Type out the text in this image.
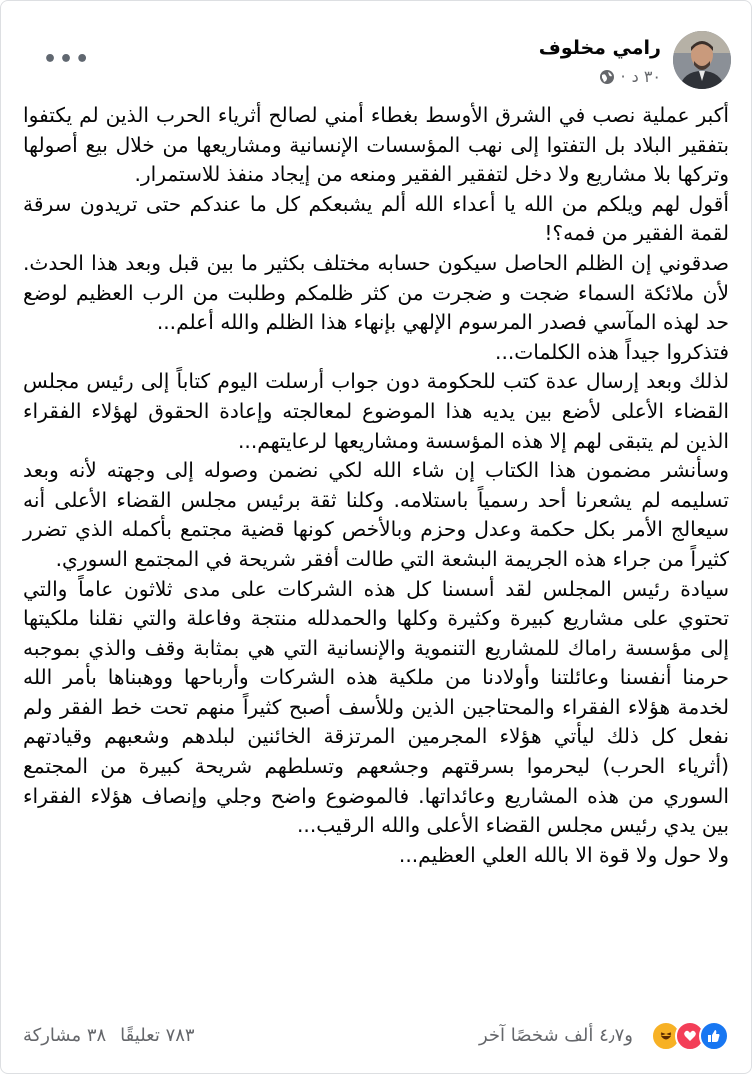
رامي مخلوف
٣٠ د
·
•••

أكبر عملية نصب في الشرق الأوسط بغطاء أمني لصالح أثرياء الحرب الذين لم يكتفوا بتفقير البلاد بل التفتوا إلى نهب المؤسسات الإنسانية ومشاريعها من خلال بيع أصولها وتركها بلا مشاريع ولا دخل لتفقير الفقير ومنعه من إيجاد منفذ للاستمرار.

أقول لهم ويلكم من الله يا أعداء الله ألم يشبعكم كل ما عندكم حتى تريدون سرقة لقمة الفقير من فمه؟!

صدقوني إن الظلم الحاصل سيكون حسابه مختلف بكثير ما بين قبل وبعد هذا الحدث. لأن ملائكة السماء ضجت و ضجرت من كثر ظلمكم وطلبت من الرب العظيم لوضع حد لهذه المآسي فصدر المرسوم الإلهي بإنهاء هذا الظلم والله أعلم...

فتذكروا جيداً هذه الكلمات...

لذلك وبعد إرسال عدة كتب للحكومة دون جواب أرسلت اليوم كتاباً إلى رئيس مجلس القضاء الأعلى لأضع بين يديه هذا الموضوع لمعالجته وإعادة الحقوق لهؤلاء الفقراء الذين لم يتبقى لهم إلا هذه المؤسسة ومشاريعها لرعايتهم...

وسأنشر مضمون هذا الكتاب إن شاء الله لكي نضمن وصوله إلى وجهته لأنه وبعد تسليمه لم يشعرنا أحد رسمياً باستلامه. وكلنا ثقة برئيس مجلس القضاء الأعلى أنه سيعالج الأمر بكل حكمة وعدل وحزم وبالأخص كونها قضية مجتمع بأكمله الذي تضرر كثيراً من جراء هذه الجريمة البشعة التي طالت أفقر شريحة في المجتمع السوري.

سيادة رئيس المجلس لقد أسسنا كل هذه الشركات على مدى ثلاثون عاماً والتي تحتوي على مشاريع كبيرة وكثيرة وكلها والحمدلله منتجة وفاعلة والتي نقلنا ملكيتها إلى مؤسسة راماك للمشاريع التنموية والإنسانية التي هي بمثابة وقف والذي بموجبه حرمنا أنفسنا وعائلتنا وأولادنا من ملكية هذه الشركات وأرباحها ووهبناها بأمر الله لخدمة هؤلاء الفقراء والمحتاجين الذين وللأسف أصبح كثيراً منهم تحت خط الفقر ولم نفعل كل ذلك ليأتي هؤلاء المجرمين المرتزقة الخائنين لبلدهم وشعبهم وقيادتهم (أثرياء الحرب) ليحرموا بسرقتهم وجشعهم وتسلطهم شريحة كبيرة من المجتمع السوري من هذه المشاريع وعائداتها. فالموضوع واضح وجلي وإنصاف هؤلاء الفقراء بين يدي رئيس مجلس القضاء الأعلى والله الرقيب...

ولا حول ولا قوة الا بالله العلي العظيم...

و٤٫٧ ألف شخصًا آخر
٧٨٣ تعليقًا
٣٨ مشاركة
